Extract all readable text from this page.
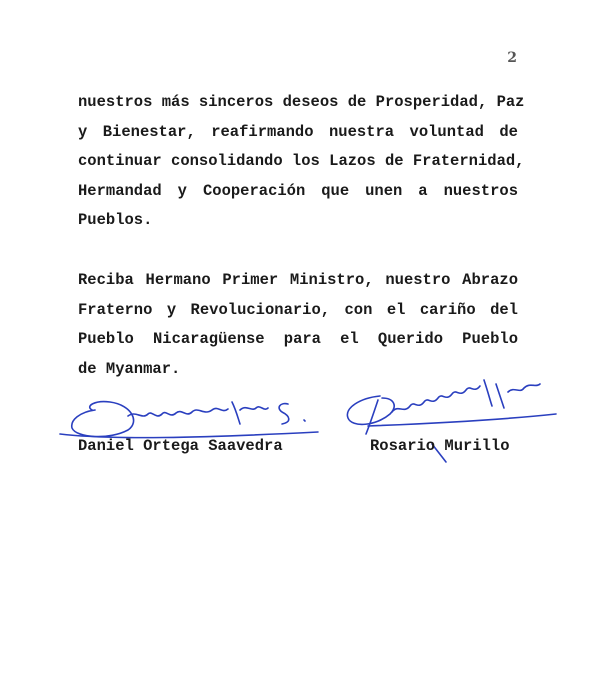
2
nuestros más sinceros deseos de Prosperidad, Paz
y Bienestar, reafirmando nuestra voluntad de
continuar consolidando los Lazos de Fraternidad,
Hermandad y Cooperación que unen a nuestros
Pueblos.
Reciba Hermano Primer Ministro, nuestro Abrazo
Fraterno y Revolucionario, con el cariño del
Pueblo Nicaragüense para el Querido Pueblo
de Myanmar.
Daniel Ortega Saavedra	Rosario Murillo
